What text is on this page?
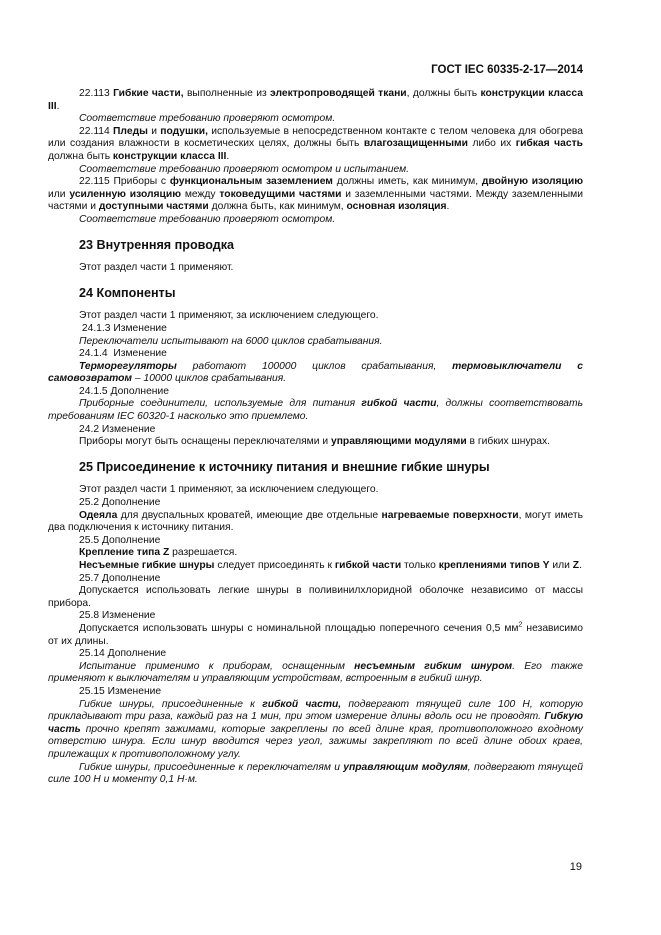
ГОСТ IEC 60335-2-17—2014

22.113 Гибкие части, выполненные из электропроводящей ткани, должны быть конструкции класса III.

Соответствие требованию проверяют осмотром.

22.114 Пледы и подушки, используемые в непосредственном контакте с телом человека для обогрева или создания влажности в косметических целях, должны быть влагозащищенными либо их гибкая часть должна быть конструкции класса III.

Соответствие требованию проверяют осмотром и испытанием.

22.115 Приборы с функциональным заземлением должны иметь, как минимум, двойную изоляцию или усиленную изоляцию между токоведущими частями и заземленными частями. Между заземленными частями и доступными частями должна быть, как минимум, основная изоляция.

Соответствие требованию проверяют осмотром.

23 Внутренняя проводка

Этот раздел части 1 применяют.

24 Компоненты

Этот раздел части 1 применяют, за исключением следующего.

24.1.3 Изменение

Переключатели испытывают на 6000 циклов срабатывания.

24.1.4  Изменение

Терморегуляторы работают 100000 циклов срабатывания, термовыключатели с самовозвратом – 10000 циклов срабатывания.

24.1.5 Дополнение

Приборные соединители, используемые для питания гибкой части, должны соответствовать требованиям IEC 60320-1 насколько это приемлемо.

24.2 Изменение

Приборы могут быть оснащены переключателями и управляющими модулями в гибких шнурах.

25 Присоединение к источнику питания и внешние гибкие шнуры

Этот раздел части 1 применяют, за исключением следующего.

25.2 Дополнение

Одеяла для двуспальных кроватей, имеющие две отдельные нагреваемые поверхности, могут иметь два подключения к источнику питания.

25.5 Дополнение

Крепление типа Z разрешается.

Несъемные гибкие шнуры следует присоединять к гибкой части только креплениями типов Y или Z.

25.7 Дополнение

Допускается использовать легкие шнуры в поливинилхлоридной оболочке независимо от массы прибора.

25.8 Изменение

Допускается использовать шнуры с номинальной площадью поперечного сечения 0,5 $мм^2$ независимо от их длины.

25.14 Дополнение

Испытание применимо к приборам, оснащенным несъемным гибким шнуром. Его также применяют к выключателям и управляющим устройствам, встроенным в гибкий шнур.

25.15 Изменение

Гибкие шнуры, присоединенные к гибкой части, подвергают тянущей силе 100 Н, которую прикладывают три раза, каждый раз на 1 мин, при этом измерение длины вдоль оси не проводят. Гибкую часть прочно крепят зажимами, которые закреплены по всей длине края, противоположного входному отверстию шнура. Если шнур вводится через угол, зажимы закрепляют по всей длине обоих краев, прилежащих к противоположному углу.

Гибкие шнуры, присоединенные к переключателям и управляющим модулям, подвергают тянущей силе 100 Н и моменту 0,1 Н·м.

19
